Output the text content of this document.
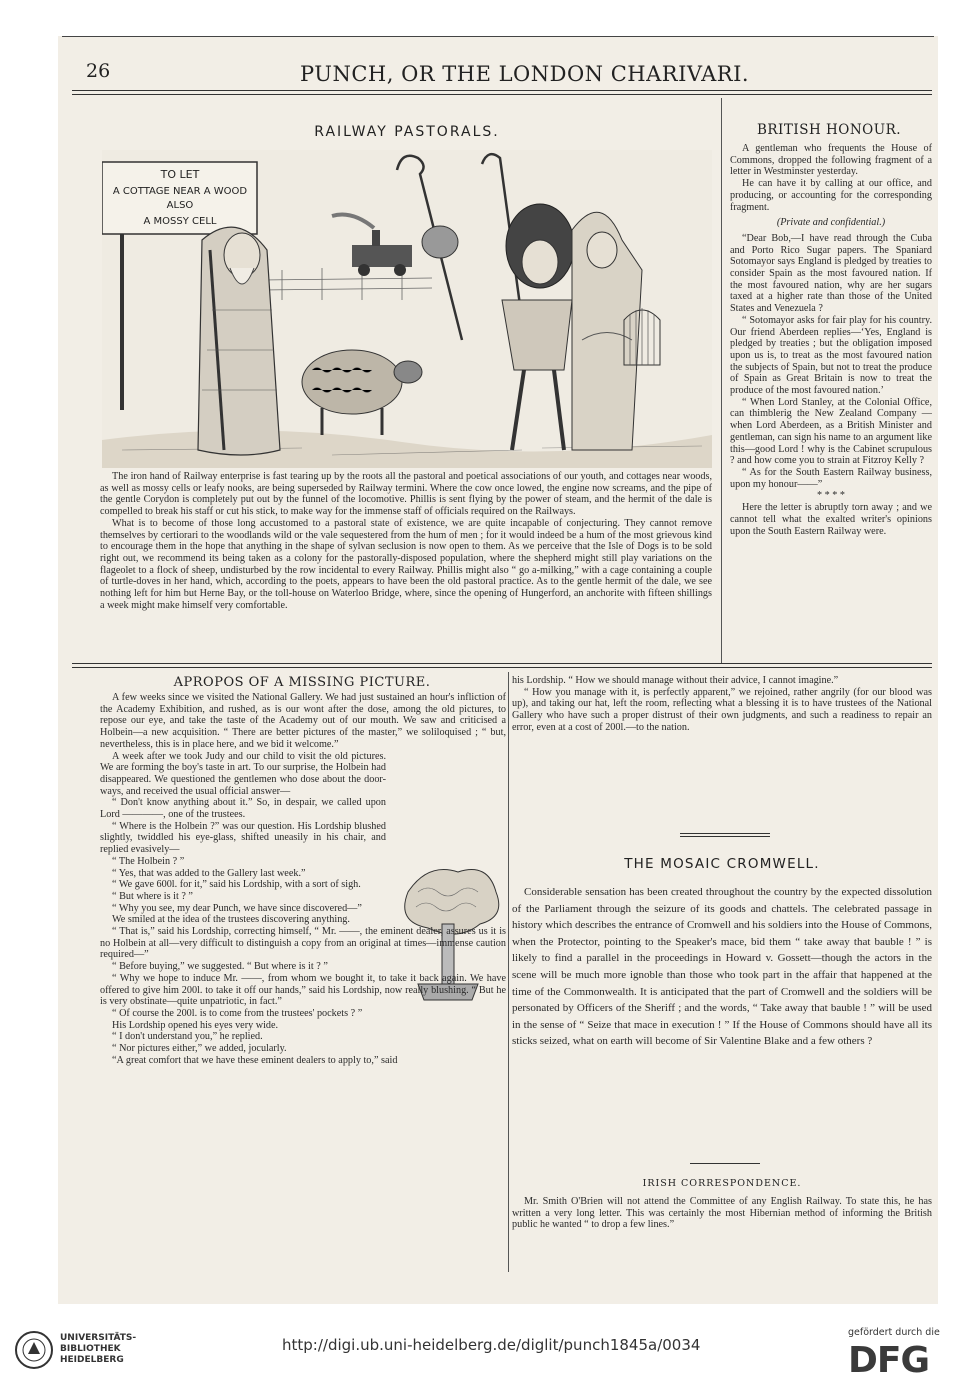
26	PUNCH, OR THE LONDON CHARIVARI.
RAILWAY PASTORALS.
TO LET
A COTTAGE NEAR A WOOD
ALSO
A MOSSY CELL

The iron hand of Railway enterprise is fast tearing up by the roots all the pastoral and poetical associations of our youth, and cottages near woods, as well as mossy cells or leafy nooks, are being superseded by Railway termini. Where the cow once lowed, the engine now screams, and the pipe of the gentle Corydon is completely put out by the funnel of the locomotive. Phillis is sent flying by the power of steam, and the hermit of the dale is compelled to break his staff or cut his stick, to make way for the immense staff of officials required on the Railways.

What is to become of those long accustomed to a pastoral state of existence, we are quite incapable of conjecturing. They cannot remove themselves by certiorari to the woodlands wild or the vale sequestered from the hum of men ; for it would indeed be a hum of the most grievous kind to encourage them in the hope that anything in the shape of sylvan seclusion is now open to them. As we perceive that the Isle of Dogs is to be sold right out, we recommend its being taken as a colony for the pastorally-disposed population, where the shepherd might still play variations on the flageolet to a flock of sheep, undisturbed by the row incidental to every Railway. Phillis might also “ go a-milking,” with a cage containing a couple of turtle-doves in her hand, which, according to the poets, appears to have been the old pastoral practice. As to the gentle hermit of the dale, we see nothing left for him but Herne Bay, or the toll-house on Waterloo Bridge, where, since the opening of Hungerford, an anchorite with fifteen shillings a week might make himself very comfortable.

BRITISH HONOUR.

A gentleman who frequents the House of Commons, dropped the following fragment of a letter in Westminster yesterday.

He can have it by calling at our office, and producing, or accounting for the corresponding fragment.

(Private and confidential.)

“Dear Bob,—I have read through the Cuba and Porto Rico Sugar papers. The Spaniard Sotomayor says England is pledged by treaties to consider Spain as the most favoured nation. If the most favoured nation, why are her sugars taxed at a higher rate than those of the United States and Venezuela ?

“ Sotomayor asks for fair play for his country. Our friend Aberdeen replies—‘Yes, England is pledged by treaties ; but the obligation imposed upon us is, to treat as the most favoured nation the subjects of Spain, but not to treat the produce of Spain as Great Britain is now to treat the produce of the most favoured nation.’

“ When Lord Stanley, at the Colonial Office, can thimblerig the New Zealand Company — when Lord Aberdeen, as a British Minister and gentleman, can sign his name to an argument like this—good Lord ! why is the Cabinet scrupulous ? and how come you to strain at Fitzroy Kelly ?

“ As for the South Eastern Railway business, upon my honour——”

* * * *

Here the letter is abruptly torn away ; and we cannot tell what the exalted writer's opinions upon the South Eastern Railway were.

APROPOS OF A MISSING PICTURE.

A few weeks since we visited the National Gallery. We had just sustained an hour's infliction of the Academy Exhibition, and rushed, as is our wont after the dose, among the old pictures, to repose our eye, and take the taste of the Academy out of our mouth. We saw and criticised a Holbein—a new acquisition. “ There are better pictures of the master,” we soliloquised ; “ but, nevertheless, this is in place here, and we bid it welcome.”

A week after we took Judy and our child to visit the old pictures. We are forming the boy's taste in art. To our surprise, the Holbein had disappeared. We questioned the gentlemen who dose about the door-ways, and received the usual official answer—

“ Don't know anything about it.” So, in despair, we called upon Lord ————, one of the trustees.

“ Where is the Holbein ?” was our question. His Lordship blushed slightly, twiddled his eye-glass, shifted uneasily in his chair, and replied evasively—

“ The Holbein ? ”

“ Yes, that was added to the Gallery last week.”

“ We gave 600l. for it,” said his Lordship, with a sort of sigh.

“ But where is it ? ”

“ Why you see, my dear Punch, we have since discovered—”

We smiled at the idea of the trustees discovering anything.

“ That is,” said his Lordship, correcting himself, “ Mr. ——, the eminent dealer, assures us it is no Holbein at all—very difficult to distinguish a copy from an original at times—immense caution required—”

“ Before buying,” we suggested. “ But where is it ? ”

“ Why we hope to induce Mr. ——, from whom we bought it, to take it back again. We have offered to give him 200l. to take it off our hands,” said his Lordship, now really blushing. “ But he is very obstinate—quite unpatriotic, in fact.”

“ Of course the 200l. is to come from the trustees' pockets ? ”

His Lordship opened his eyes very wide.

“ I don't understand you,” he replied.

“ Nor pictures either,” we added, jocularly.

“A great comfort that we have these eminent dealers to apply to,” said

his Lordship. “ How we should manage without their advice, I cannot imagine.”

“ How you manage with it, is perfectly apparent,” we rejoined, rather angrily (for our blood was up), and taking our hat, left the room, reflecting what a blessing it is to have trustees of the National Gallery who have such a proper distrust of their own judgments, and such a readiness to repair an error, even at a cost of 200l.—to the nation.

THE MOSAIC CROMWELL.

Considerable sensation has been created throughout the country by the expected dissolution of the Parliament through the seizure of its goods and chattels. The celebrated passage in history which describes the entrance of Cromwell and his soldiers into the House of Commons, when the Protector, pointing to the Speaker's mace, bid them “ take away that bauble ! ” is likely to find a parallel in the proceedings in Howard v. Gossett—though the actors in the scene will be much more ignoble than those who took part in the affair that happened at the time of the Commonwealth. It is anticipated that the part of Cromwell and the soldiers will be personated by Officers of the Sheriff ; and the words, “ Take away that bauble ! ” will be used in the sense of “ Seize that mace in execution ! ” If the House of Commons should have all its sticks seized, what on earth will become of Sir Valentine Blake and a few others ?

IRISH CORRESPONDENCE.

Mr. Smith O'Brien will not attend the Committee of any English Railway. To state this, he has written a very long letter. This was certainly the most Hibernian method of informing the British public he wanted “ to drop a few lines.”

UNIVERSITÄTS-
BIBLIOTHEK
HEIDELBERG
http://digi.ub.uni-heidelberg.de/diglit/punch1845a/0034
gefördert durch die
DFG
